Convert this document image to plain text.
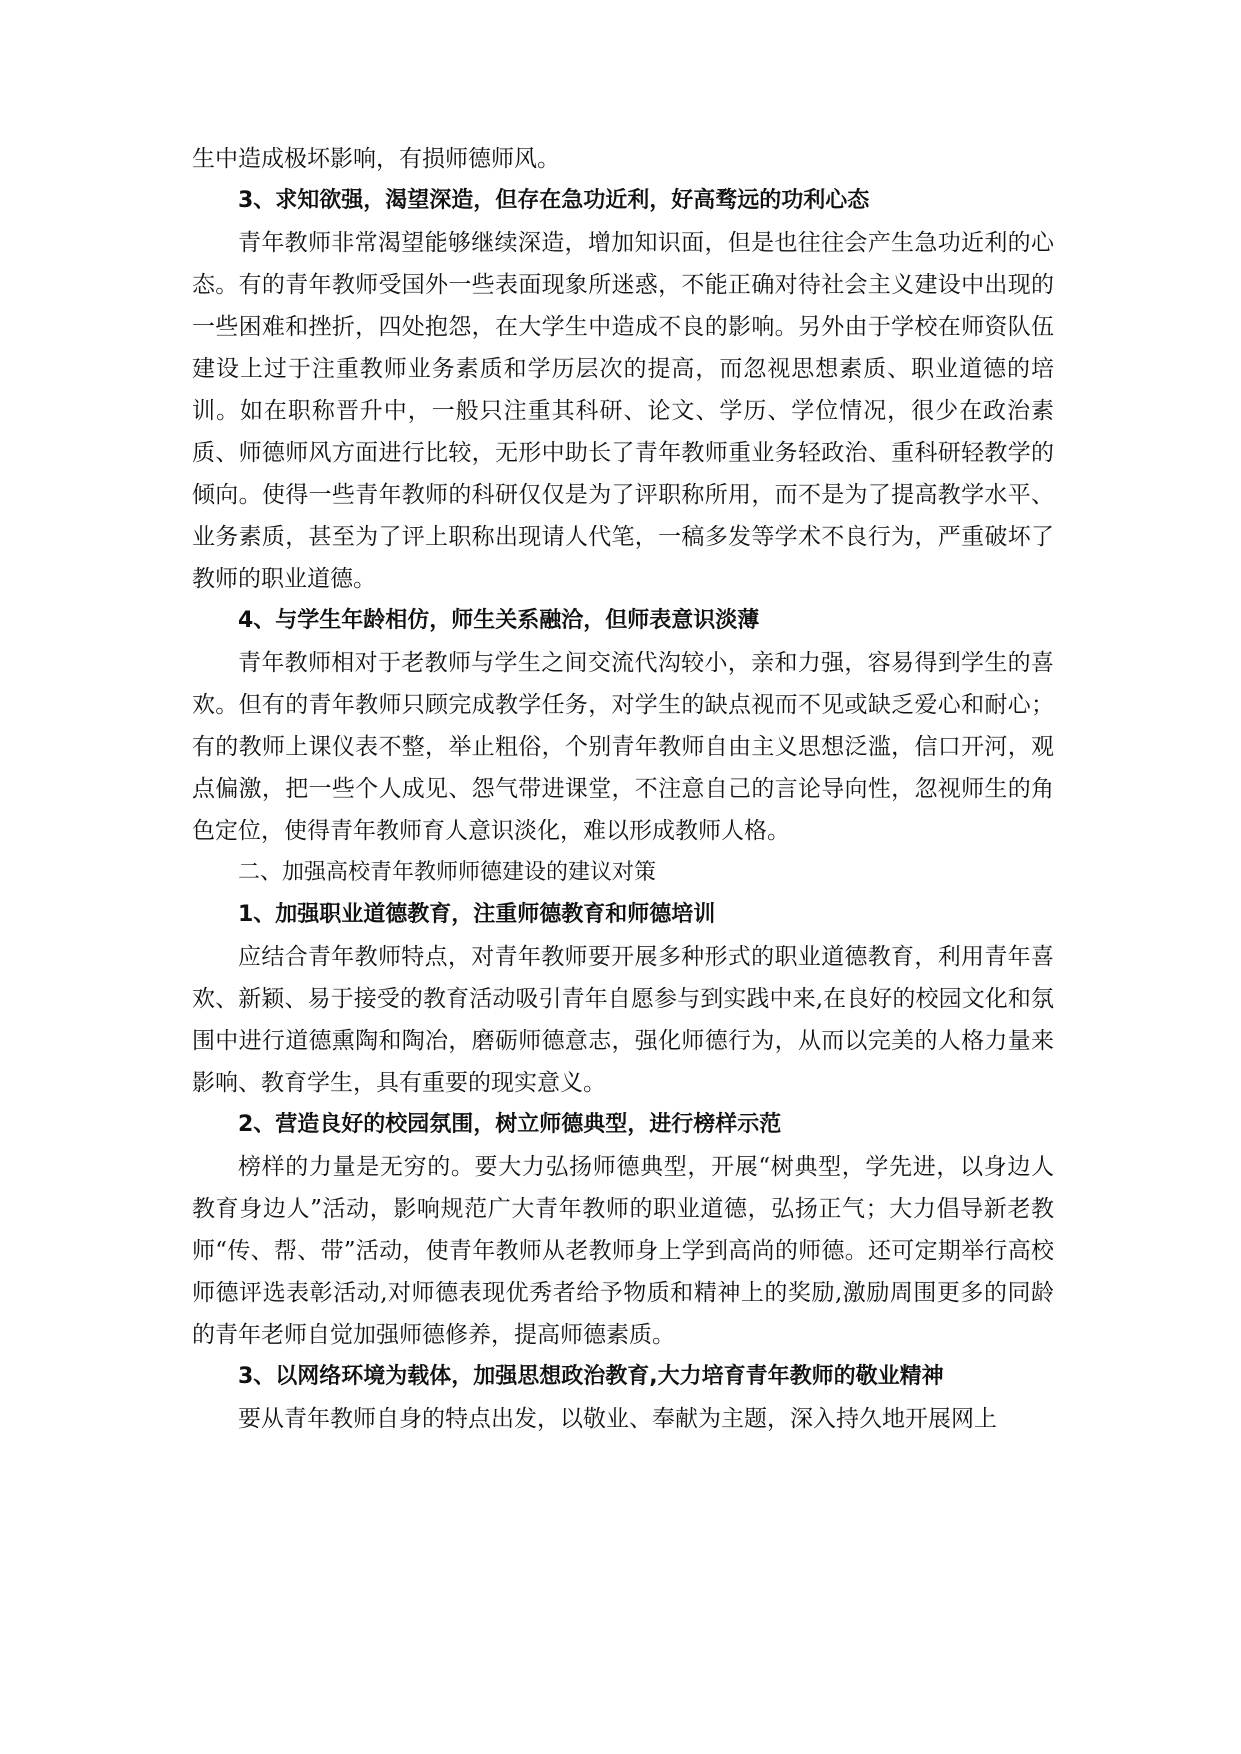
生中造成极坏影响，有损师德师风。

3、求知欲强，渴望深造，但存在急功近利，好高骛远的功利心态

青年教师非常渴望能够继续深造，增加知识面，但是也往往会产生急功近利的心态。有的青年教师受国外一些表面现象所迷惑，不能正确对待社会主义建设中出现的一些困难和挫折，四处抱怨，在大学生中造成不良的影响。另外由于学校在师资队伍建设上过于注重教师业务素质和学历层次的提高，而忽视思想素质、职业道德的培训。如在职称晋升中，一般只注重其科研、论文、学历、学位情况，很少在政治素质、师德师风方面进行比较，无形中助长了青年教师重业务轻政治、重科研轻教学的倾向。使得一些青年教师的科研仅仅是为了评职称所用，而不是为了提高教学水平、业务素质，甚至为了评上职称出现请人代笔，一稿多发等学术不良行为，严重破坏了教师的职业道德。

4、与学生年龄相仿，师生关系融洽，但师表意识淡薄

青年教师相对于老教师与学生之间交流代沟较小，亲和力强，容易得到学生的喜欢。但有的青年教师只顾完成教学任务，对学生的缺点视而不见或缺乏爱心和耐心；有的教师上课仪表不整，举止粗俗，个别青年教师自由主义思想泛滥，信口开河，观点偏激，把一些个人成见、怨气带进课堂，不注意自己的言论导向性，忽视师生的角色定位，使得青年教师育人意识淡化，难以形成教师人格。

二、加强高校青年教师师德建设的建议对策
1、加强职业道德教育，注重师德教育和师德培训

应结合青年教师特点，对青年教师要开展多种形式的职业道德教育，利用青年喜欢、新颖、易于接受的教育活动吸引青年自愿参与到实践中来,在良好的校园文化和氛围中进行道德熏陶和陶冶，磨砺师德意志，强化师德行为，从而以完美的人格力量来影响、教育学生，具有重要的现实意义。

2、营造良好的校园氛围，树立师德典型，进行榜样示范

榜样的力量是无穷的。要大力弘扬师德典型，开展“树典型，学先进，以身边人教育身边人”活动，影响规范广大青年教师的职业道德，弘扬正气；大力倡导新老教师“传、帮、带”活动，使青年教师从老教师身上学到高尚的师德。还可定期举行高校师德评选表彰活动,对师德表现优秀者给予物质和精神上的奖励,激励周围更多的同龄的青年老师自觉加强师德修养，提高师德素质。

3、以网络环境为载体，加强思想政治教育,大力培育青年教师的敬业精神

要从青年教师自身的特点出发，以敬业、奉献为主题，深入持久地开展网上
